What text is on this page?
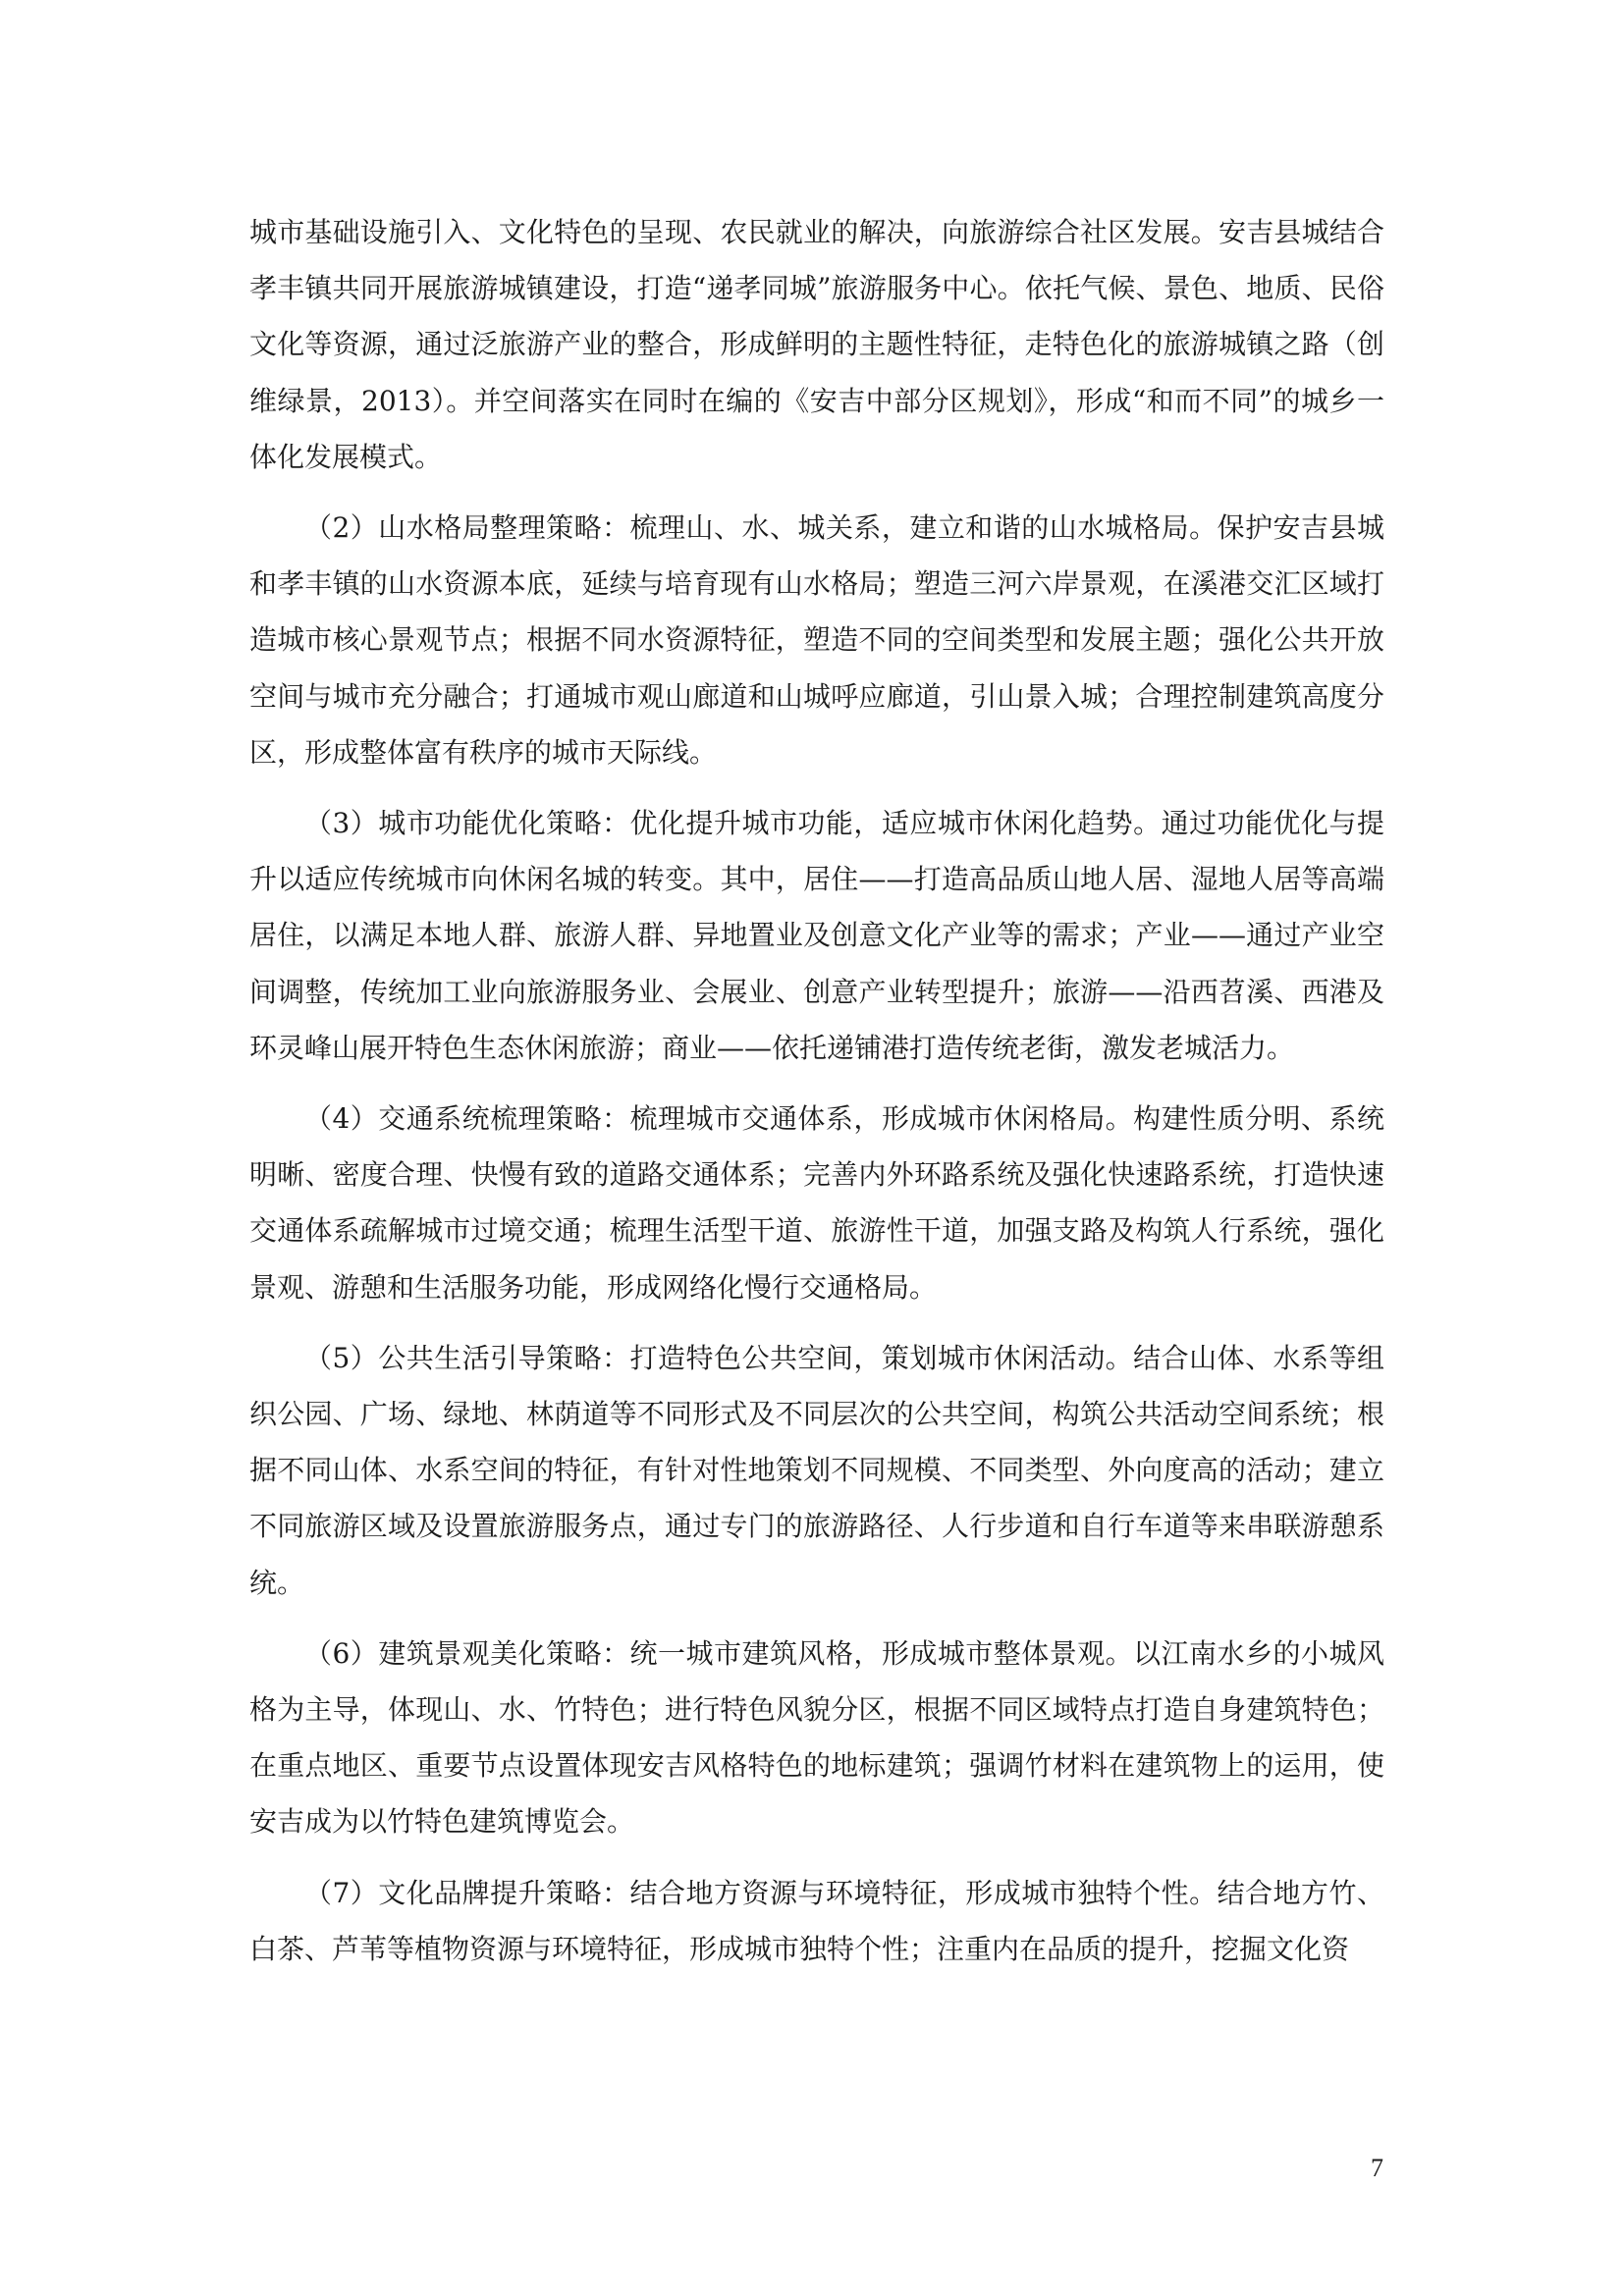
城市基础设施引入、文化特色的呈现、农民就业的解决，向旅游综合社区发展。安吉县城结合孝丰镇共同开展旅游城镇建设，打造“递孝同城”旅游服务中心。依托气候、景色、地质、民俗文化等资源，通过泛旅游产业的整合，形成鲜明的主题性特征，走特色化的旅游城镇之路（创维绿景，2013）。并空间落实在同时在编的《安吉中部分区规划》，形成“和而不同”的城乡一体化发展模式。

（2）山水格局整理策略：梳理山、水、城关系，建立和谐的山水城格局。保护安吉县城和孝丰镇的山水资源本底，延续与培育现有山水格局；塑造三河六岸景观，在溪港交汇区域打造城市核心景观节点；根据不同水资源特征，塑造不同的空间类型和发展主题；强化公共开放空间与城市充分融合；打通城市观山廊道和山城呼应廊道，引山景入城；合理控制建筑高度分区，形成整体富有秩序的城市天际线。

（3）城市功能优化策略：优化提升城市功能，适应城市休闲化趋势。通过功能优化与提升以适应传统城市向休闲名城的转变。其中，居住——打造高品质山地人居、湿地人居等高端居住，以满足本地人群、旅游人群、异地置业及创意文化产业等的需求；产业——通过产业空间调整，传统加工业向旅游服务业、会展业、创意产业转型提升；旅游——沿西苕溪、西港及环灵峰山展开特色生态休闲旅游；商业——依托递铺港打造传统老街，激发老城活力。

（4）交通系统梳理策略：梳理城市交通体系，形成城市休闲格局。构建性质分明、系统明晰、密度合理、快慢有致的道路交通体系；完善内外环路系统及强化快速路系统，打造快速交通体系疏解城市过境交通；梳理生活型干道、旅游性干道，加强支路及构筑人行系统，强化景观、游憩和生活服务功能，形成网络化慢行交通格局。

（5）公共生活引导策略：打造特色公共空间，策划城市休闲活动。结合山体、水系等组织公园、广场、绿地、林荫道等不同形式及不同层次的公共空间，构筑公共活动空间系统；根据不同山体、水系空间的特征，有针对性地策划不同规模、不同类型、外向度高的活动；建立不同旅游区域及设置旅游服务点，通过专门的旅游路径、人行步道和自行车道等来串联游憩系统。

（6）建筑景观美化策略：统一城市建筑风格，形成城市整体景观。以江南水乡的小城风格为主导，体现山、水、竹特色；进行特色风貌分区，根据不同区域特点打造自身建筑特色；在重点地区、重要节点设置体现安吉风格特色的地标建筑；强调竹材料在建筑物上的运用，使安吉成为以竹特色建筑博览会。

（7）文化品牌提升策略：结合地方资源与环境特征，形成城市独特个性。结合地方竹、白茶、芦苇等植物资源与环境特征，形成城市独特个性；注重内在品质的提升，挖掘文化资

7
